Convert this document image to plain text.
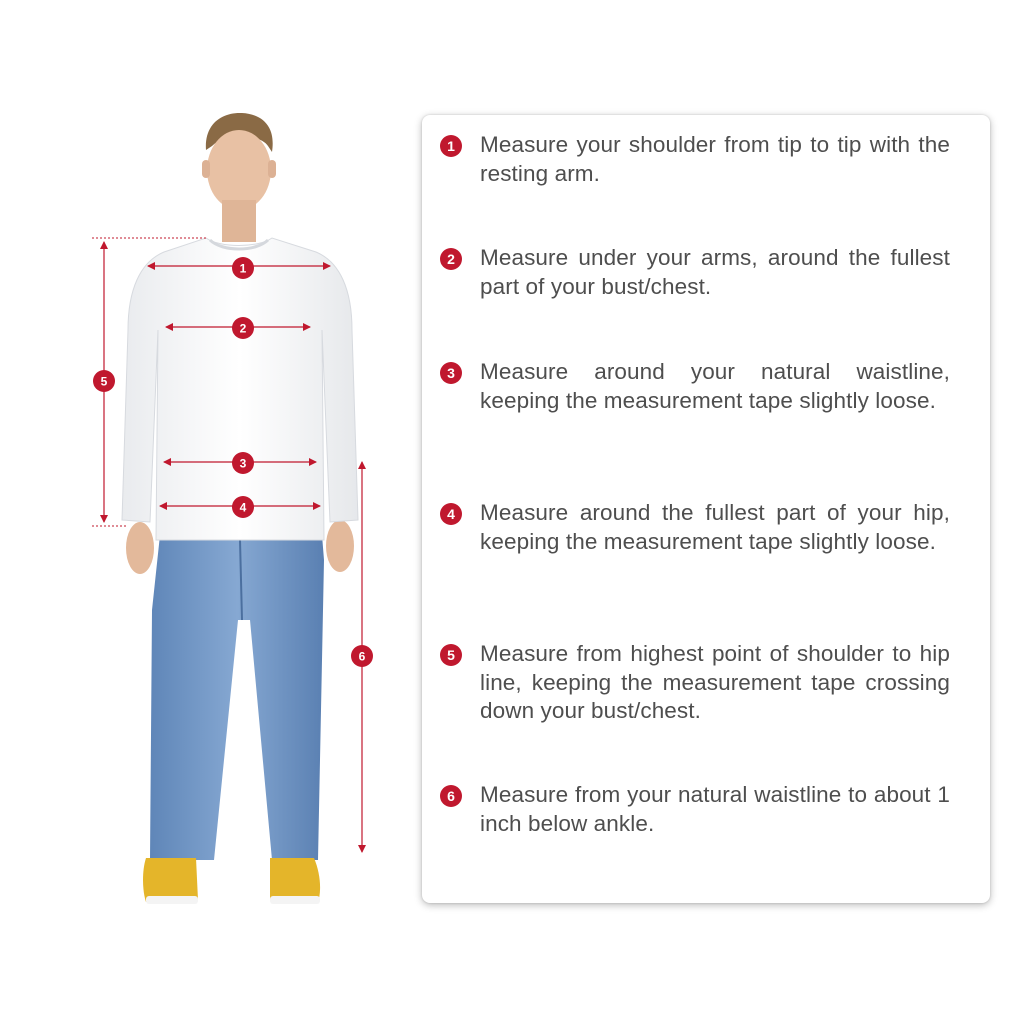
1
2
3
4
5
6
1	Measure your shoulder from tip to tip with the resting arm.
2	Measure under your arms, around the fullest part of your bust/chest.
3	Measure around your natural waistline, keeping the measurement tape slightly loose.
4	Measure around the fullest part of your hip, keeping the measurement tape slightly loose.
5	Measure from highest point of shoulder to hip line, keeping the measurement tape crossing down your bust/chest.
6	Measure from your natural waistline to about 1 inch below ankle.
